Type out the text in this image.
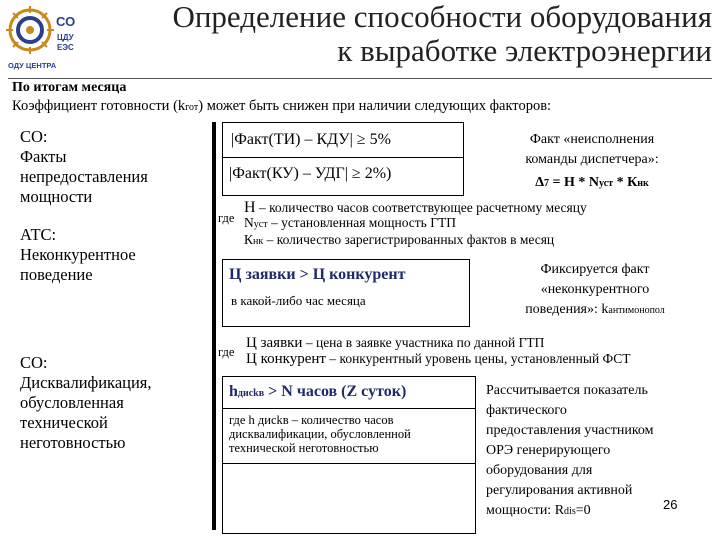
СО
ЦДУ
ЕЭС
ОДУ ЦЕНТРА
Определение способности оборудования
к выработке электроэнергии
По итогам месяца
Коэффициент готовности (kгот) может быть снижен при наличии следующих факторов:
СО:
Факты
непредоставления
мощности
АТС:
Неконкурентное
поведение
СО:
Дисквалификация,
обусловленная
технической
неготовностью
|Факт(ТИ) – КДУ| ≥ 5%
|Факт(КУ) – УДГ| ≥ 2%)
Факт «неисполнения
команды диспетчера»:
Δ7 = Н * Nуст * Кнк
где
Н – количество часов соответствующее расчетному месяцу
Nуст – установленная мощность ГТП
Кнк – количество зарегистрированных фактов в месяц
Ц заявки > Ц конкурент
в какой-либо час месяца
Фиксируется факт
«неконкурентного
поведения»: kантимонопол
где
Ц заявки – цена в заявке участника по данной ГТП
Ц конкурент – конкурентный уровень цены, установленный ФСТ
hдисkв > N часов (Z суток)
где h дисkв – количество часов
дисквалификации, обусловленной
технической неготовностью
Рассчитывается показатель
фактического
предоставления участником
ОРЭ генерирующего
оборудования для
регулирования активной
мощности: Rdis=0	26
